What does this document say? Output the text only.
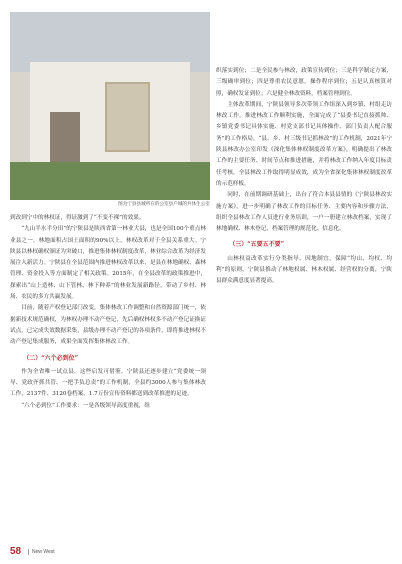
图为宁县县城所在的公室县户城的共体生公室

到改到宁中的林权证，得证激到了“不变不裸”的效果。

“九山半水半分田”的宁陕县是陕西省第一林业大县，也是全国100个重点林业县之一。林地面积占国土面积的90%以上，林权改革对于全县关系重大。宁陕县以林权确权颁证为突破口，推进集体林权制度改革，林业综合改革为经济发展注入新活力。宁陕县在全县范围内推进林权改革以来，是县在林地确权、森林管理、资金投入等方面制定了相关政策。2015年，在全县改革的政策推进中，探索出“山上造林、山下管林、林下种养”的林业发展新路径，带动了乡村、林场、农民的多方共赢发展。

目前，随着产权登记部门改变，集体林改工作调整和自然资源部门统一，依据新技术规范确权，为林权办理不动产登记，先后确权林权多不动产登记证换证试点，已完成失效数据采集，县级办理不动产登记的各项条件，即将推进林权不动产登记集成服务，成果全面发挥集体林改工作。

（二）“六个必到位”

作为全省唯一试点县，这些启发可借鉴。宁陕县还逐步建立“党委统一领导、党政齐抓共管、一把手负总责”的工作机制，全县约3000人参与集体林改工作，2137件、3120卷档案，1.7万份宣传资料都送到改革推进的足迹。

“六个必到位”工作要求：一是各级领导高度重视，组

织落实到位；二是全民参与林改，政策宣传到位；三是科学制定方案，三级确审到位；四是尊重农民意愿，操作程序到位；五是认真核算对照，确权发证到位；六是健全林改资料，档案管理到位。

主体改革期间，宁陕县领导多次带领工作组深入到乡镇、村组走访林改工作，推进林改工作顺利实施，全面完成了“县委书记直接抓帅、乡镇党委书记具体实施、村党支部书记具体操作、部门负责人配合服务”的工作格局。“县、乡、村三级书记抓林改”的工作机制，2021年宁陕县林改办公室印发《深化集体林权制度改革方案》，明确提出了林改工作的主要任务、时间节点和推进措施，并将林改工作纳入年度目标责任考核，全县林改工作取得明显成效，成为全省深化集体林权制度改革的示范样板。

同时，在前期调研基础上，出台了符合本县县情的《宁陕县林改实施方案》，进一步明确了林改工作的目标任务、主要内容和步骤方法，组织全县林改工作人员进行业务培训，一户一册建立林改档案，实现了林地确权、林木登记、档案管理的规范化、信息化。

（三）“五要五不要”

山林权益改革实行分类指导、因地制宜，保障“均山、均权、均利”的原则，宁陕县推动了林地权属、林木权属、经营权的分离，宁陕县群众满意度显著提高。

58	New West
